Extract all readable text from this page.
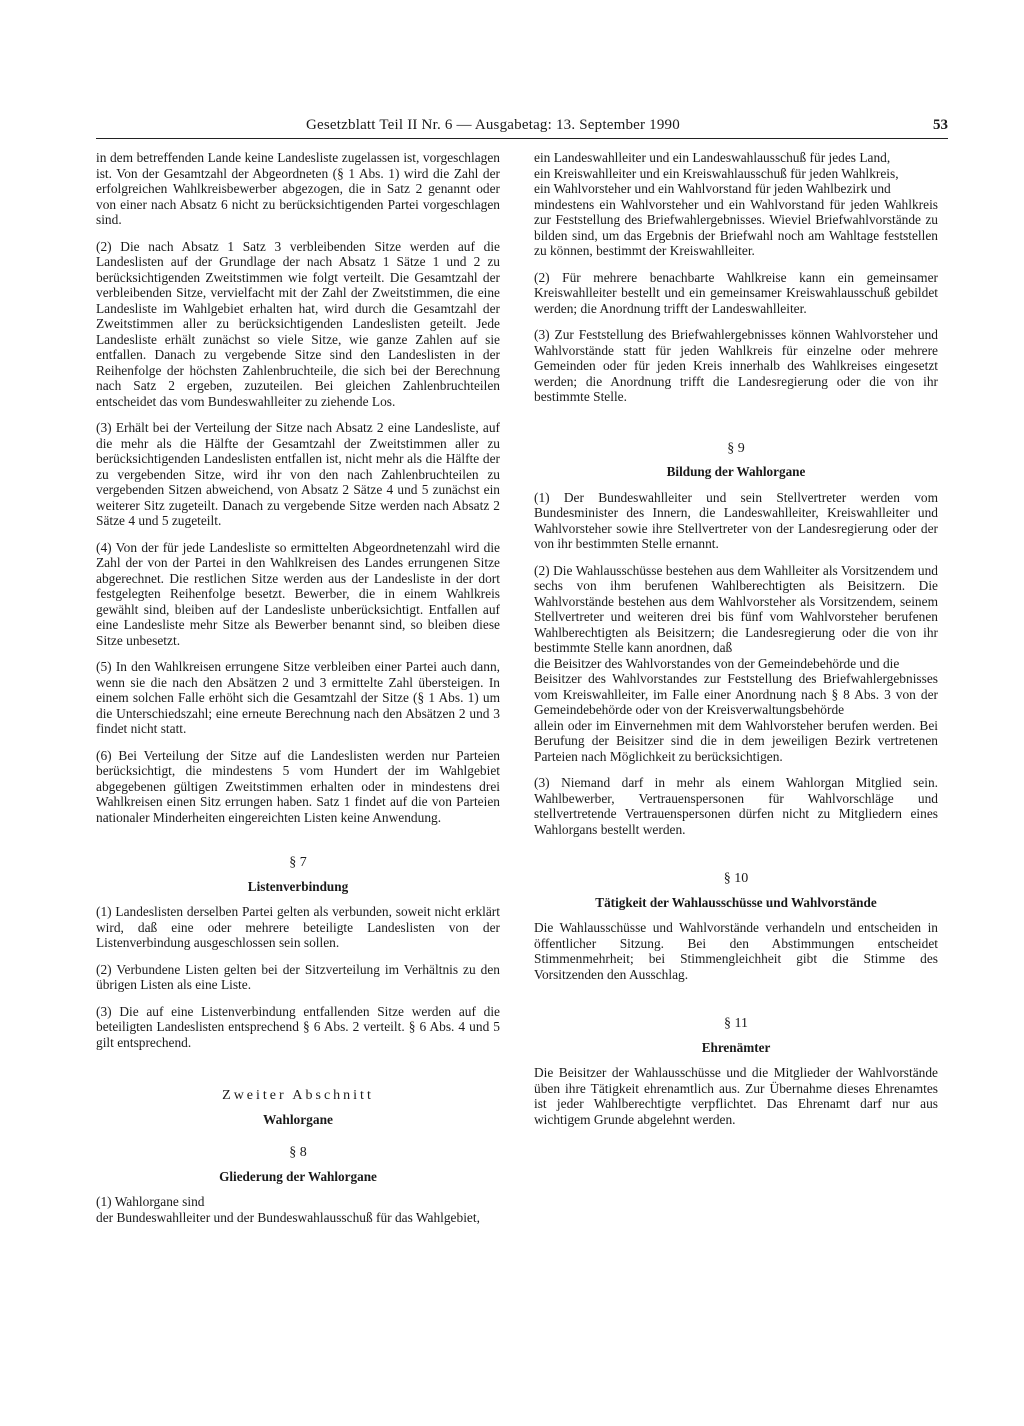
Gesetzblatt Teil II Nr. 6 — Ausgabetag: 13. September 1990	53

in dem betreffenden Lande keine Landesliste zugelassen ist, vorgeschlagen ist. Von der Gesamtzahl der Abgeordneten (§ 1 Abs. 1) wird die Zahl der erfolgreichen Wahlkreisbewerber abgezogen, die in Satz 2 genannt oder von einer nach Absatz 6 nicht zu berücksichtigenden Partei vorgeschlagen sind.

(2) Die nach Absatz 1 Satz 3 verbleibenden Sitze werden auf die Landeslisten auf der Grundlage der nach Absatz 1 Sätze 1 und 2 zu berücksichtigenden Zweitstimmen wie folgt verteilt. Die Gesamtzahl der verbleibenden Sitze, vervielfacht mit der Zahl der Zweitstimmen, die eine Landesliste im Wahlgebiet erhalten hat, wird durch die Gesamtzahl der Zweitstimmen aller zu berücksichtigenden Landeslisten geteilt. Jede Landesliste erhält zunächst so viele Sitze, wie ganze Zahlen auf sie entfallen. Danach zu vergebende Sitze sind den Landeslisten in der Reihenfolge der höchsten Zahlenbruchteile, die sich bei der Berechnung nach Satz 2 ergeben, zuzuteilen. Bei gleichen Zahlenbruchteilen entscheidet das vom Bundeswahlleiter zu ziehende Los.

(3) Erhält bei der Verteilung der Sitze nach Absatz 2 eine Landesliste, auf die mehr als die Hälfte der Gesamtzahl der Zweitstimmen aller zu berücksichtigenden Landeslisten entfallen ist, nicht mehr als die Hälfte der zu vergebenden Sitze, wird ihr von den nach Zahlenbruchteilen zu vergebenden Sitzen abweichend, von Absatz 2 Sätze 4 und 5 zunächst ein weiterer Sitz zugeteilt. Danach zu vergebende Sitze werden nach Absatz 2 Sätze 4 und 5 zugeteilt.

(4) Von der für jede Landesliste so ermittelten Abgeordnetenzahl wird die Zahl der von der Partei in den Wahlkreisen des Landes errungenen Sitze abgerechnet. Die restlichen Sitze werden aus der Landesliste in der dort festgelegten Reihenfolge besetzt. Bewerber, die in einem Wahlkreis gewählt sind, bleiben auf der Landesliste unberücksichtigt. Entfallen auf eine Landesliste mehr Sitze als Bewerber benannt sind, so bleiben diese Sitze unbesetzt.

(5) In den Wahlkreisen errungene Sitze verbleiben einer Partei auch dann, wenn sie die nach den Absätzen 2 und 3 ermittelte Zahl übersteigen. In einem solchen Falle erhöht sich die Gesamtzahl der Sitze (§ 1 Abs. 1) um die Unterschiedszahl; eine erneute Berechnung nach den Absätzen 2 und 3 findet nicht statt.

(6) Bei Verteilung der Sitze auf die Landeslisten werden nur Parteien berücksichtigt, die mindestens 5 vom Hundert der im Wahlgebiet abgegebenen gültigen Zweitstimmen erhalten oder in mindestens drei Wahlkreisen einen Sitz errungen haben. Satz 1 findet auf die von Parteien nationaler Minderheiten eingereichten Listen keine Anwendung.

§ 7
Listenverbindung

(1) Landeslisten derselben Partei gelten als verbunden, soweit nicht erklärt wird, daß eine oder mehrere beteiligte Landeslisten von der Listenverbindung ausgeschlossen sein sollen.

(2) Verbundene Listen gelten bei der Sitzverteilung im Verhältnis zu den übrigen Listen als eine Liste.

(3) Die auf eine Listenverbindung entfallenden Sitze werden auf die beteiligten Landeslisten entsprechend § 6 Abs. 2 verteilt. § 6 Abs. 4 und 5 gilt entsprechend.

Zweiter Abschnitt
Wahlorgane
§ 8
Gliederung der Wahlorgane

(1) Wahlorgane sind

der Bundeswahlleiter und der Bundeswahlausschuß für das Wahlgebiet,

ein Landeswahlleiter und ein Landeswahlausschuß für jedes Land,

ein Kreiswahlleiter und ein Kreiswahlausschuß für jeden Wahlkreis,

ein Wahlvorsteher und ein Wahlvorstand für jeden Wahlbezirk und

mindestens ein Wahlvorsteher und ein Wahlvorstand für jeden Wahlkreis zur Feststellung des Briefwahlergebnisses. Wieviel Briefwahlvorstände zu bilden sind, um das Ergebnis der Briefwahl noch am Wahltage feststellen zu können, bestimmt der Kreiswahlleiter.

(2) Für mehrere benachbarte Wahlkreise kann ein gemeinsamer Kreiswahlleiter bestellt und ein gemeinsamer Kreiswahlausschuß gebildet werden; die Anordnung trifft der Landeswahlleiter.

(3) Zur Feststellung des Briefwahlergebnisses können Wahlvorsteher und Wahlvorstände statt für jeden Wahlkreis für einzelne oder mehrere Gemeinden oder für jeden Kreis innerhalb des Wahlkreises eingesetzt werden; die Anordnung trifft die Landesregierung oder die von ihr bestimmte Stelle.

§ 9
Bildung der Wahlorgane

(1) Der Bundeswahlleiter und sein Stellvertreter werden vom Bundesminister des Innern, die Landeswahlleiter, Kreiswahlleiter und Wahlvorsteher sowie ihre Stellvertreter von der Landesregierung oder der von ihr bestimmten Stelle ernannt.

(2) Die Wahlausschüsse bestehen aus dem Wahlleiter als Vorsitzendem und sechs von ihm berufenen Wahlberechtigten als Beisitzern. Die Wahlvorstände bestehen aus dem Wahlvorsteher als Vorsitzendem, seinem Stellvertreter und weiteren drei bis fünf vom Wahlvorsteher berufenen Wahlberechtigten als Beisitzern; die Landesregierung oder die von ihr bestimmte Stelle kann anordnen, daß

die Beisitzer des Wahlvorstandes von der Gemeindebehörde und die

Beisitzer des Wahlvorstandes zur Feststellung des Briefwahlergebnisses vom Kreiswahlleiter, im Falle einer Anordnung nach § 8 Abs. 3 von der Gemeindebehörde oder von der Kreisverwaltungsbehörde

allein oder im Einvernehmen mit dem Wahlvorsteher berufen werden. Bei Berufung der Beisitzer sind die in dem jeweiligen Bezirk vertretenen Parteien nach Möglichkeit zu berücksichtigen.

(3) Niemand darf in mehr als einem Wahlorgan Mitglied sein. Wahlbewerber, Vertrauenspersonen für Wahlvorschläge und stellvertretende Vertrauenspersonen dürfen nicht zu Mitgliedern eines Wahlorgans bestellt werden.

§ 10
Tätigkeit der Wahlausschüsse und Wahlvorstände

Die Wahlausschüsse und Wahlvorstände verhandeln und entscheiden in öffentlicher Sitzung. Bei den Abstimmungen entscheidet Stimmenmehrheit; bei Stimmengleichheit gibt die Stimme des Vorsitzenden den Ausschlag.

§ 11
Ehrenämter

Die Beisitzer der Wahlausschüsse und die Mitglieder der Wahlvorstände üben ihre Tätigkeit ehrenamtlich aus. Zur Übernahme dieses Ehrenamtes ist jeder Wahlberechtigte verpflichtet. Das Ehrenamt darf nur aus wichtigem Grunde abgelehnt werden.
